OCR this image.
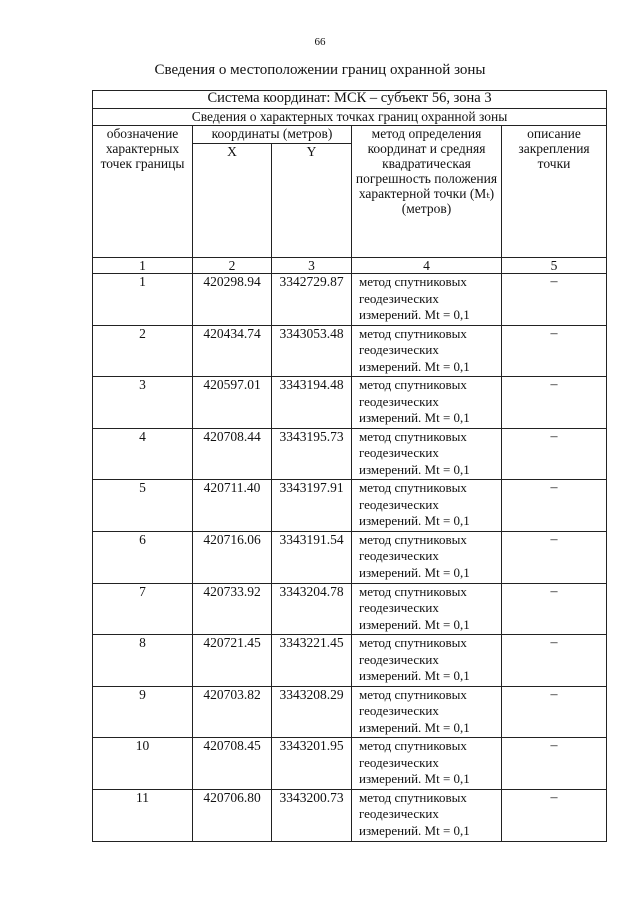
66
Сведения о местоположении границ охранной зоны
Система координат: МСК – субъект 56, зона 3				
Сведения о характерных точках границ охранной зоны				
обозначение характерных точек границы	координаты (метров)		метод определения координат и средняя квадратическая погрешность положения характерной точки (Mₜ) (метров)	описание закрепления точки
	X	Y		
1	2	3	4	5
1	420298.94	3342729.87	метод спутниковых геодезических измерений. Mt = 0,1	–
2	420434.74	3343053.48	метод спутниковых геодезических измерений. Mt = 0,1	–
3	420597.01	3343194.48	метод спутниковых геодезических измерений. Mt = 0,1	–
4	420708.44	3343195.73	метод спутниковых геодезических измерений. Mt = 0,1	–
5	420711.40	3343197.91	метод спутниковых геодезических измерений. Mt = 0,1	–
6	420716.06	3343191.54	метод спутниковых геодезических измерений. Mt = 0,1	–
7	420733.92	3343204.78	метод спутниковых геодезических измерений. Mt = 0,1	–
8	420721.45	3343221.45	метод спутниковых геодезических измерений. Mt = 0,1	–
9	420703.82	3343208.29	метод спутниковых геодезических измерений. Mt = 0,1	–
10	420708.45	3343201.95	метод спутниковых геодезических измерений. Mt = 0,1	–
11	420706.80	3343200.73	метод спутниковых геодезических измерений. Mt = 0,1	–
